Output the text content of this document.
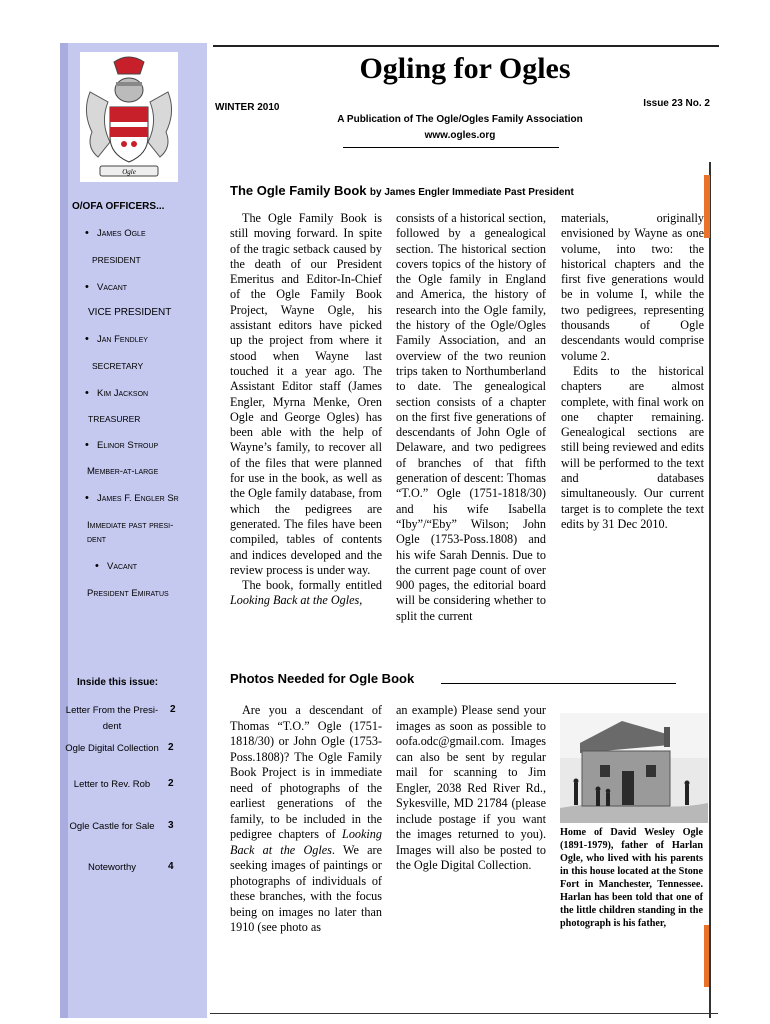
Ogle
Ogling for Ogles
WINTER 2010	Issue 23 No. 2
A Publication of The Ogle/Ogles Family Association
www.ogles.org
O/OFA OFFICERS...
• James Ogle
PRESIDENT
• Vacant
VICE PRESIDENT
• Jan Fendley
SECRETARY
• Kim Jackson
TREASURER
• Elinor Stroup
Member-at-large
• James F. Engler Sr
Immediate past presi-
dent
• Vacant
President Emiratus
Inside this issue:
Letter From the Presi-
dent
2
Ogle Digital Collection 2
Letter to Rev. Rob	2
Ogle Castle for Sale	3
Noteworthy	4
The Ogle Family Book by James Engler Immediate Past President

The Ogle Family Book is still moving forward. In spite of the tragic setback caused by the death of our President Emeritus and Editor-In-Chief of the Ogle Family Book Project, Wayne Ogle, his assistant editors have picked up the project from where it stood when Wayne last touched it a year ago. The Assistant Editor staff (James Engler, Myrna Menke, Oren Ogle and George Ogles) has been able with the help of Wayne’s family, to recover all of the files that were planned for use in the book, as well as the Ogle family database, from which the pedigrees are generated. The files have been compiled, tables of contents and indices developed and the review process is under way.

The book, formally entitled Looking Back at the Ogles,

consists of a historical section, followed by a genealogical section. The historical section covers topics of the history of the Ogle family in England and America, the history of research into the Ogle family, the history of the Ogle/Ogles Family Association, and an overview of the two reunion trips taken to Northumberland to date. The genealogical section consists of a chapter on the first five generations of descendants of John Ogle of Delaware, and two pedigrees of branches of that fifth generation of descent: Thomas “T.O.” Ogle (1751-1818/30) and his wife Isabella “Iby”/“Eby” Wilson; John Ogle (1753-Poss.1808) and his wife Sarah Dennis. Due to the current page count of over 900 pages, the editorial board will be considering whether to split the current

materials, originally envisioned by Wayne as one volume, into two: the historical chapters and the first five generations would be in volume I, while the two pedigrees, representing thousands of Ogle descendants would comprise volume 2.

Edits to the historical chapters are almost complete, with final work on one chapter remaining. Genealogical sections are still being reviewed and edits will be performed to the text and databases simultaneously. Our current target is to complete the text edits by 31 Dec 2010.

Photos Needed for Ogle Book

Are you a descendant of Thomas “T.O.” Ogle (1751-1818/30) or John Ogle (1753-Poss.1808)? The Ogle Family Book Project is in immediate need of photographs of the earliest generations of the family, to be included in the pedigree chapters of Looking Back at the Ogles. We are seeking images of paintings or photographs of individuals of these branches, with the focus being on images no later than 1910 (see photo as

an example) Please send your images as soon as possible to oofa.odc@gmail.com. Images can also be sent by regular mail for scanning to Jim Engler, 2038 Red River Rd., Sykesville, MD 21784 (please include postage if you want the images returned to you). Images will also be posted to the Ogle Digital Collection.

Home of David Wesley Ogle (1891-1979), father of Harlan Ogle, who lived with his parents in this house located at the Stone Fort in Manchester, Tennessee. Harlan has been told that one of the little children standing in the photograph is his father,
